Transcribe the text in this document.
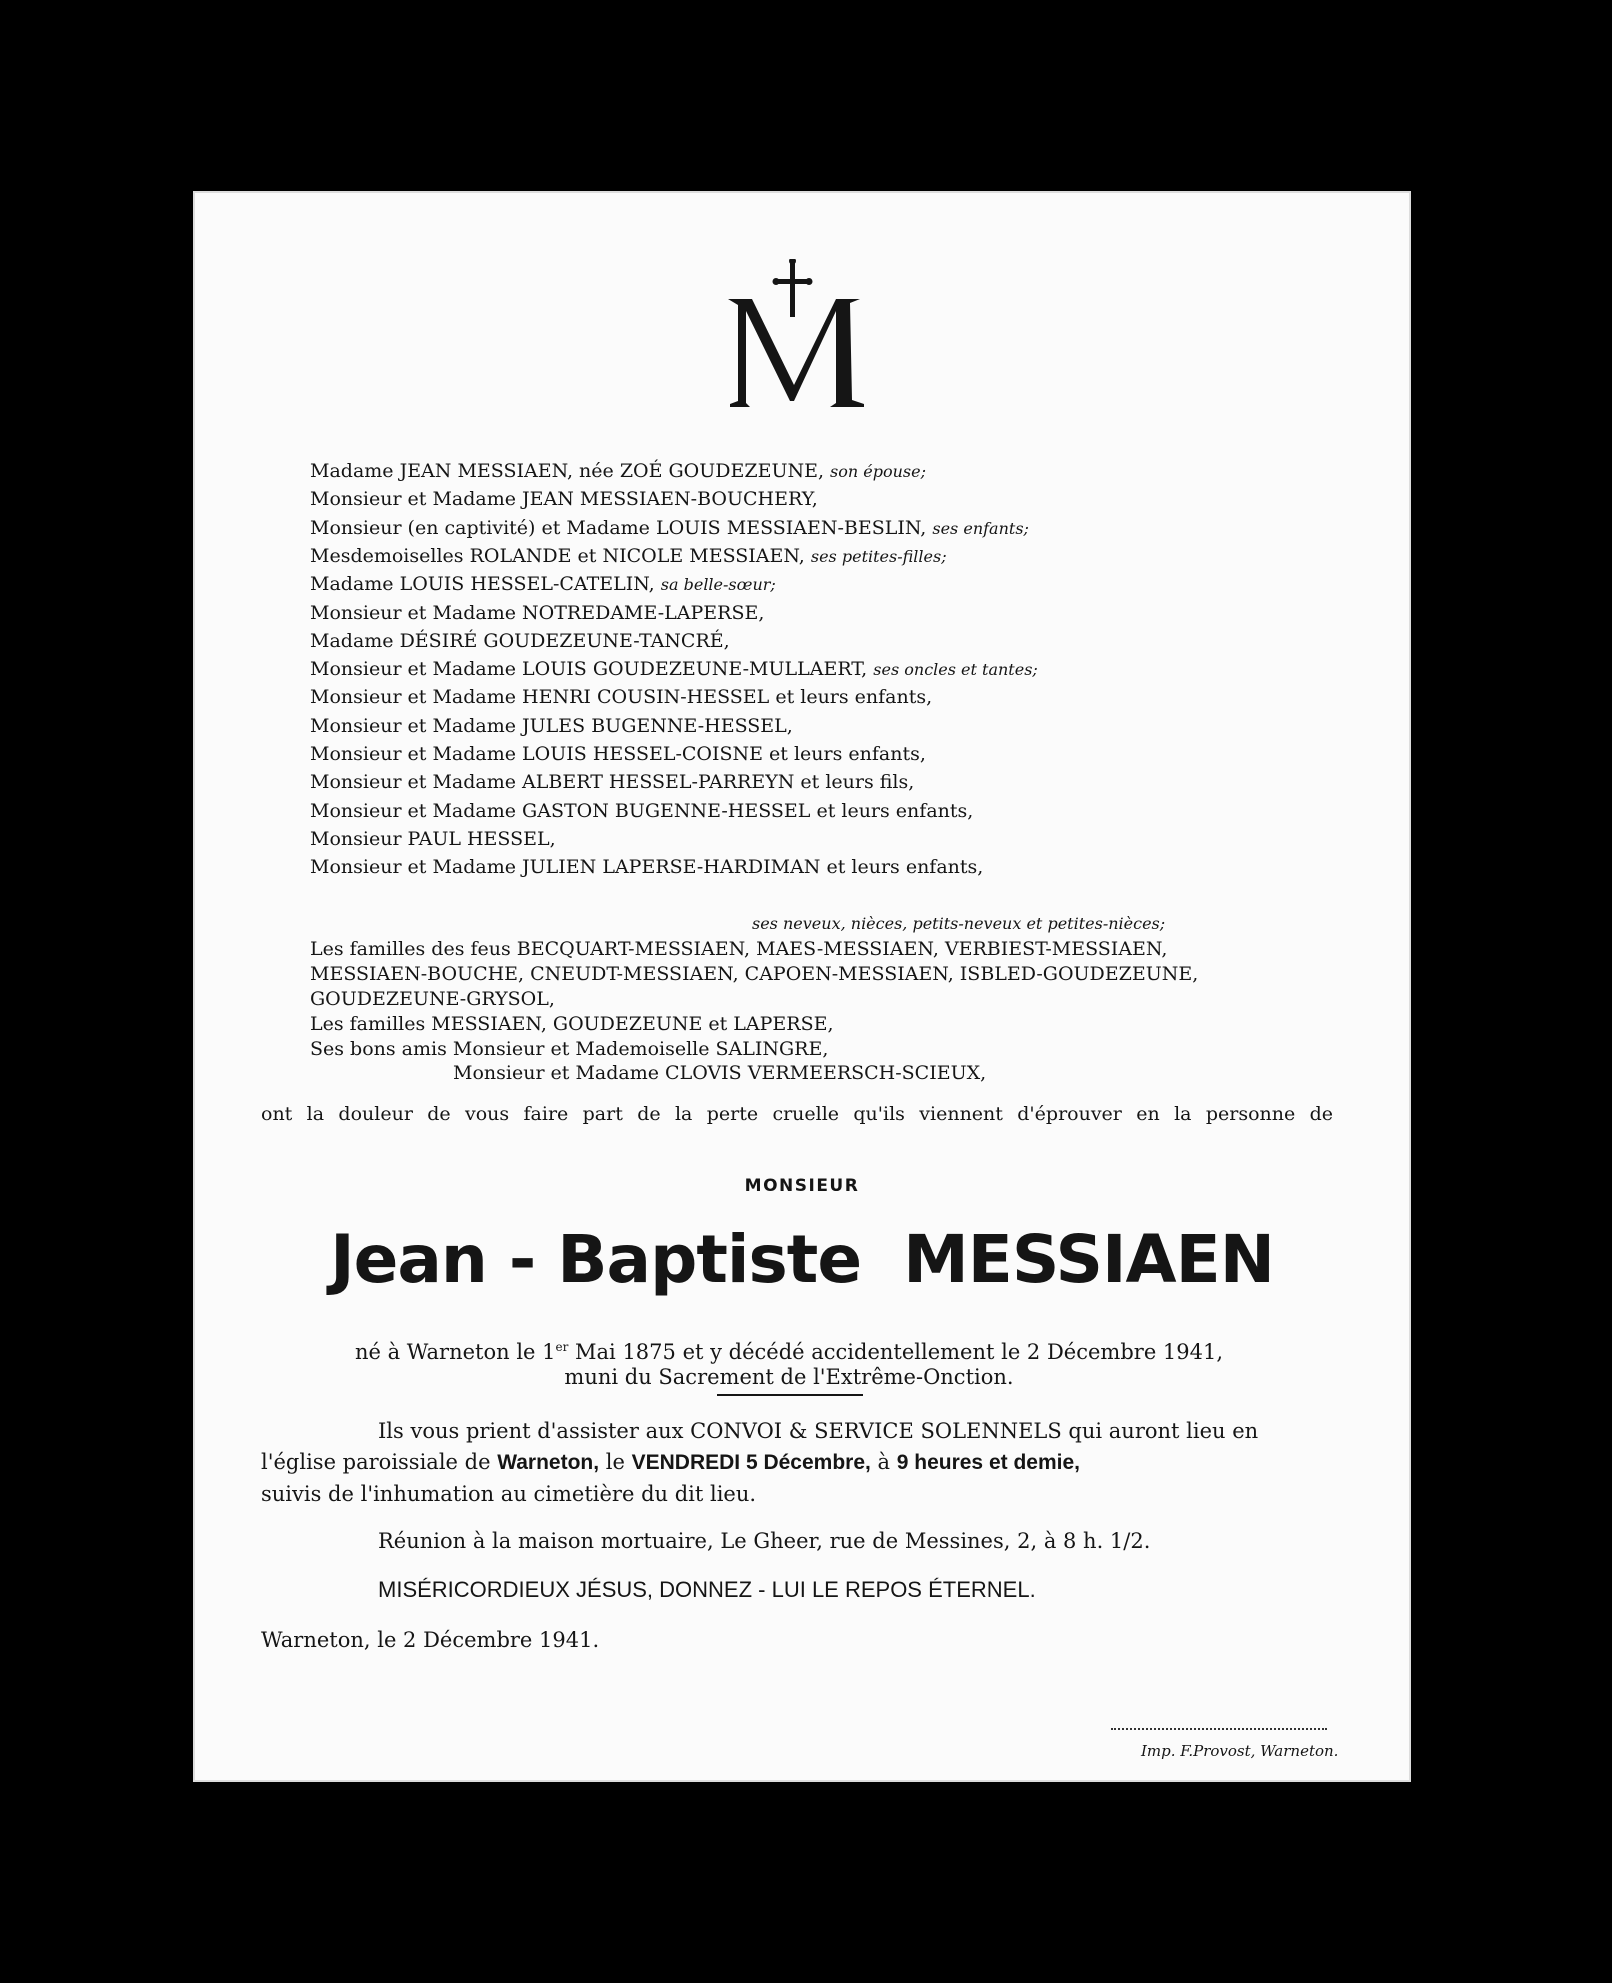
Madame JEAN MESSIAEN, née ZOÉ GOUDEZEUNE, son épouse;
Monsieur et Madame JEAN MESSIAEN-BOUCHERY,
Monsieur (en captivité) et Madame LOUIS MESSIAEN-BESLIN, ses enfants;
Mesdemoiselles ROLANDE et NICOLE MESSIAEN, ses petites-filles;
Madame LOUIS HESSEL-CATELIN, sa belle-sœur;
Monsieur et Madame NOTREDAME-LAPERSE,
Madame DÉSIRÉ GOUDEZEUNE-TANCRÉ,
Monsieur et Madame LOUIS GOUDEZEUNE-MULLAERT, ses oncles et tantes;
Monsieur et Madame HENRI COUSIN-HESSEL et leurs enfants,
Monsieur et Madame JULES BUGENNE-HESSEL,
Monsieur et Madame LOUIS HESSEL-COISNE et leurs enfants,
Monsieur et Madame ALBERT HESSEL-PARREYN et leurs fils,
Monsieur et Madame GASTON BUGENNE-HESSEL et leurs enfants,
Monsieur PAUL HESSEL,
Monsieur et Madame JULIEN LAPERSE-HARDIMAN et leurs enfants,
ses neveux, nièces, petits-neveux et petites-nièces;
Les familles des feus BECQUART-MESSIAEN, MAES-MESSIAEN, VERBIEST-MESSIAEN,
MESSIAEN-BOUCHE, CNEUDT-MESSIAEN, CAPOEN-MESSIAEN, ISBLED-GOUDEZEUNE,
GOUDEZEUNE-GRYSOL,
Les familles MESSIAEN, GOUDEZEUNE et LAPERSE,
Ses bons amis Monsieur et Mademoiselle SALINGRE,
Monsieur et Madame CLOVIS VERMEERSCH-SCIEUX,
ont la douleur de vous faire part de la perte cruelle qu'ils viennent d'éprouver en la personne de
MONSIEUR
Jean - Baptiste MESSIAEN
né à Warneton le 1er Mai 1875 et y décédé accidentellement le 2 Décembre 1941,
muni du Sacrement de l'Extrême-Onction.
Ils vous prient d'assister aux CONVOI & SERVICE SOLENNELS qui auront lieu en
l'église paroissiale de Warneton, le VENDREDI 5 Décembre, à 9 heures et demie,
suivis de l'inhumation au cimetière du dit lieu.
Réunion à la maison mortuaire, Le Gheer, rue de Messines, 2, à 8 h. 1/2.
MISÉRICORDIEUX JÉSUS, DONNEZ - LUI LE REPOS ÉTERNEL.
Warneton, le 2 Décembre 1941.
Imp. F.Provost, Warneton.
